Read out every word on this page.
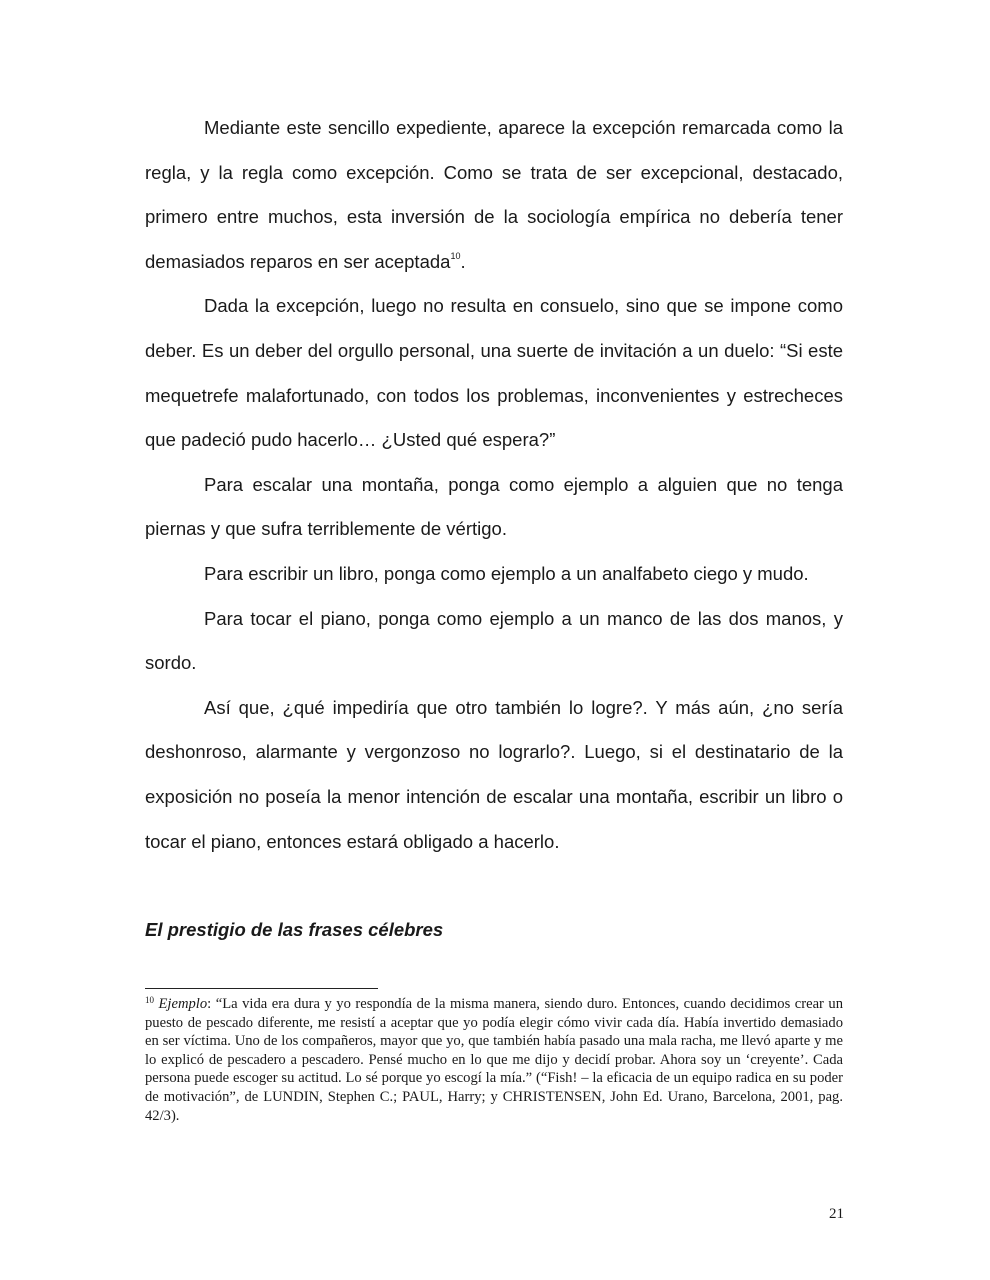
Mediante este sencillo expediente, aparece la excepción remarcada como la regla, y la regla como excepción. Como se trata de ser excepcional, destacado, primero entre muchos, esta inversión de la sociología empírica no debería tener demasiados reparos en ser aceptada$^{10}$.

Dada la excepción, luego no resulta en consuelo, sino que se impone como deber. Es un deber del orgullo personal, una suerte de invitación a un duelo: “Si este mequetrefe malafortunado, con todos los problemas, inconvenientes y estrecheces que padeció pudo hacerlo… ¿Usted qué espera?”

Para escalar una montaña, ponga como ejemplo a alguien que no tenga piernas y que sufra terriblemente de vértigo.

Para escribir un libro, ponga como ejemplo a un analfabeto ciego y mudo.

Para tocar el piano, ponga como ejemplo a un manco de las dos manos, y sordo.

Así que, ¿qué impediría que otro también lo logre?. Y más aún, ¿no sería deshonroso, alarmante y vergonzoso no lograrlo?. Luego, si el destinatario de la exposición no poseía la menor intención de escalar una montaña, escribir un libro o tocar el piano, entonces estará obligado a hacerlo.

El prestigio de las frases célebres

$^{10}$ Ejemplo: “La vida era dura y yo respondía de la misma manera, siendo duro. Entonces, cuando decidimos crear un puesto de pescado diferente, me resistí a aceptar que yo podía elegir cómo vivir cada día. Había invertido demasiado en ser víctima. Uno de los compañeros, mayor que yo, que también había pasado una mala racha, me llevó aparte y me lo explicó de pescadero a pescadero. Pensé mucho en lo que me dijo y decidí probar. Ahora soy un ‘creyente’. Cada persona puede escoger su actitud. Lo sé porque yo escogí la mía.” (“Fish! – la eficacia de un equipo radica en su poder de motivación”, de LUNDIN, Stephen C.; PAUL, Harry; y CHRISTENSEN, John Ed. Urano, Barcelona, 2001, pag. 42/3).

21
